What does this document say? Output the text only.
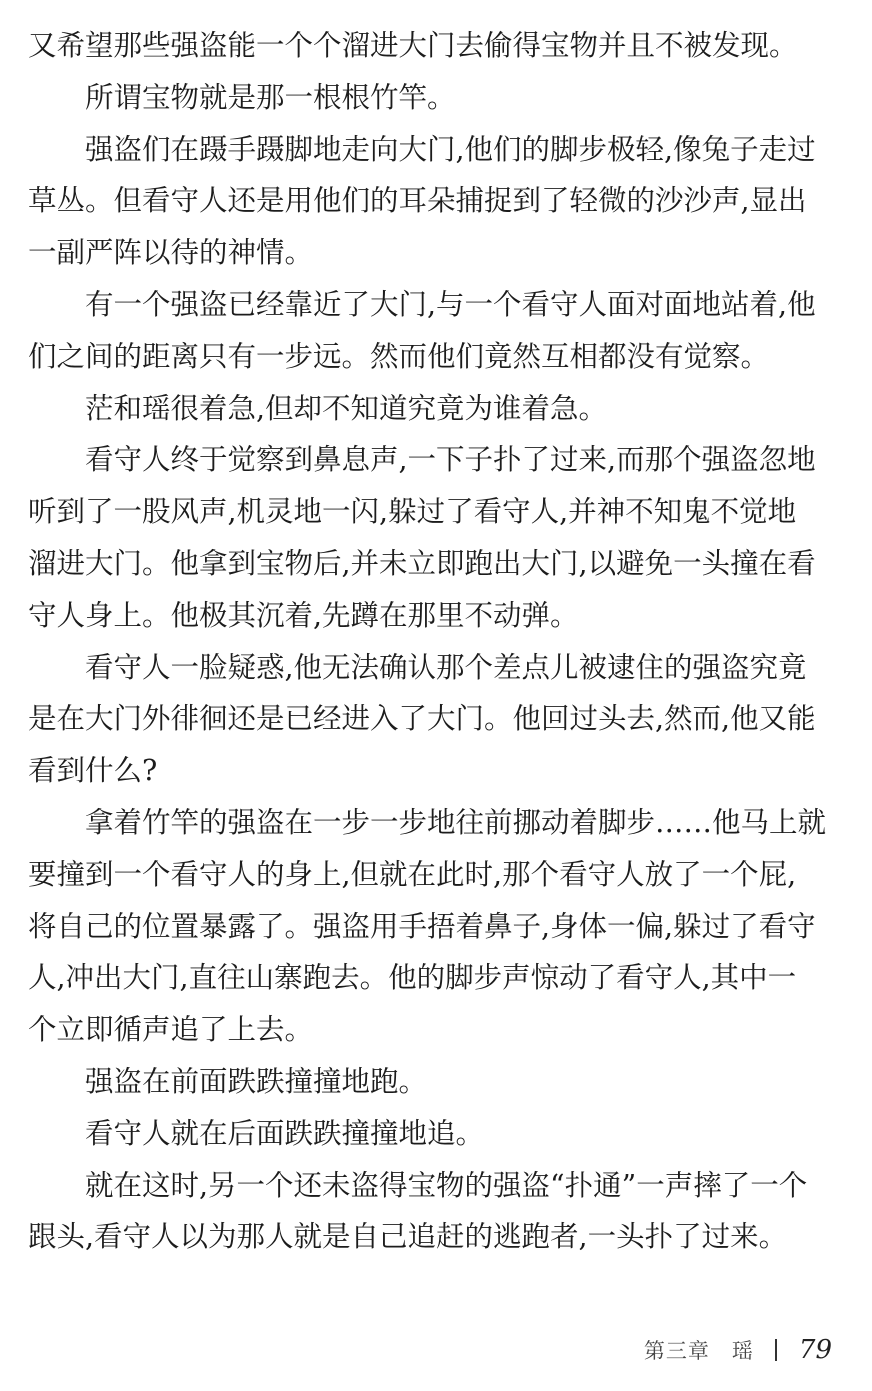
又希望那些强盗能一个个溜进大门去偷得宝物并且不被发现。
所谓宝物就是那一根根竹竿。
强盗们在蹑手蹑脚地走向大门,他们的脚步极轻,像兔子走过
草丛。但看守人还是用他们的耳朵捕捉到了轻微的沙沙声,显出
一副严阵以待的神情。
有一个强盗已经靠近了大门,与一个看守人面对面地站着,他
们之间的距离只有一步远。然而他们竟然互相都没有觉察。
茫和瑶很着急,但却不知道究竟为谁着急。
看守人终于觉察到鼻息声,一下子扑了过来,而那个强盗忽地
听到了一股风声,机灵地一闪,躲过了看守人,并神不知鬼不觉地
溜进大门。他拿到宝物后,并未立即跑出大门,以避免一头撞在看
守人身上。他极其沉着,先蹲在那里不动弹。
看守人一脸疑惑,他无法确认那个差点儿被逮住的强盗究竟
是在大门外徘徊还是已经进入了大门。他回过头去,然而,他又能
看到什么?
拿着竹竿的强盗在一步一步地往前挪动着脚步……他马上就
要撞到一个看守人的身上,但就在此时,那个看守人放了一个屁,
将自己的位置暴露了。强盗用手捂着鼻子,身体一偏,躲过了看守
人,冲出大门,直往山寨跑去。他的脚步声惊动了看守人,其中一
个立即循声追了上去。
强盗在前面跌跌撞撞地跑。
看守人就在后面跌跌撞撞地追。
就在这时,另一个还未盗得宝物的强盗“扑通”一声摔了一个
跟头,看守人以为那人就是自己追赶的逃跑者,一头扑了过来。
第三章 瑶 79
